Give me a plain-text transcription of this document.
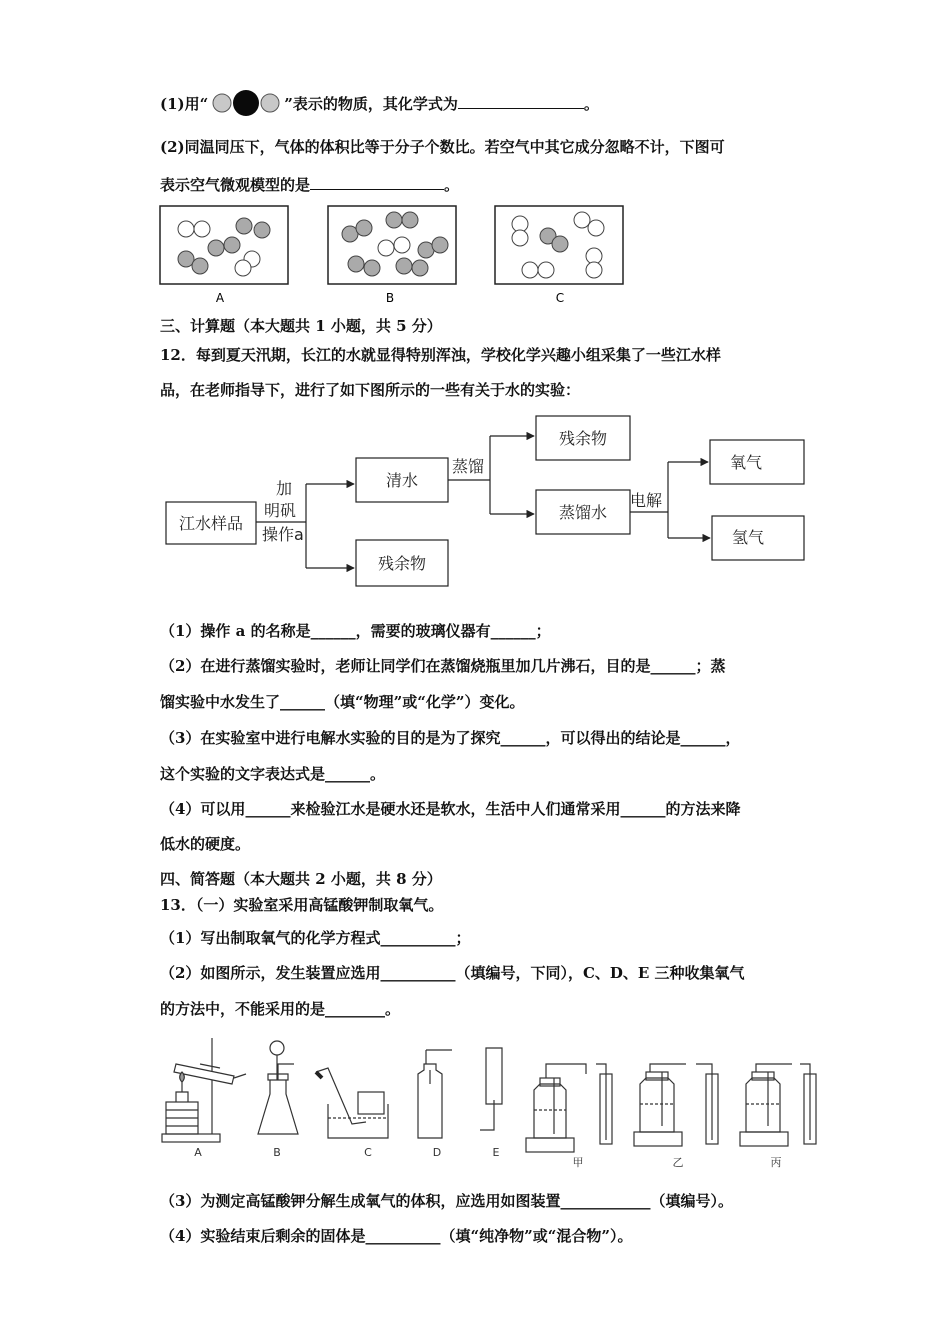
(1)用“	”表示的物质，其化学式为	。
(2)同温同压下，气体的体积比等于分子个数比。若空气中其它成分忽略不计，下图可
表示空气微观模型的是	。
A	B	C
三、计算题（本大题共 1 小题，共 5 分）
12．每到夏天汛期，长江的水就显得特别浑浊，学校化学兴趣小组采集了一些江水样
品，在老师指导下，进行了如下图所示的一些有关于水的实验：
江水样品
加
明矾
操作a
清水
残余物
蒸馏
残余物
蒸馏水
电解
氧气
氢气
（1）操作 a 的名称是______，需要的玻璃仪器有______；
（2）在进行蒸馏实验时，老师让同学们在蒸馏烧瓶里加几片沸石，目的是______；蒸
馏实验中水发生了______（填“物理”或“化学”）变化。
（3）在实验室中进行电解水实验的目的是为了探究______，可以得出的结论是______，
这个实验的文字表达式是______。
（4）可以用______来检验江水是硬水还是软水，生活中人们通常采用______的方法来降
低水的硬度。
四、简答题（本大题共 2 小题，共 8 分）
13．（一）实验室采用高锰酸钾制取氧气。
（1）写出制取氧气的化学方程式__________；
（2）如图所示，发生装置应选用__________（填编号，下同），C、D、E 三种收集氧气
的方法中，不能采用的是________。
A	B	C	D	E
甲	乙	丙
（3）为测定高锰酸钾分解生成氧气的体积，应选用如图装置____________（填编号）。
（4）实验结束后剩余的固体是__________（填“纯净物”或“混合物”）。
